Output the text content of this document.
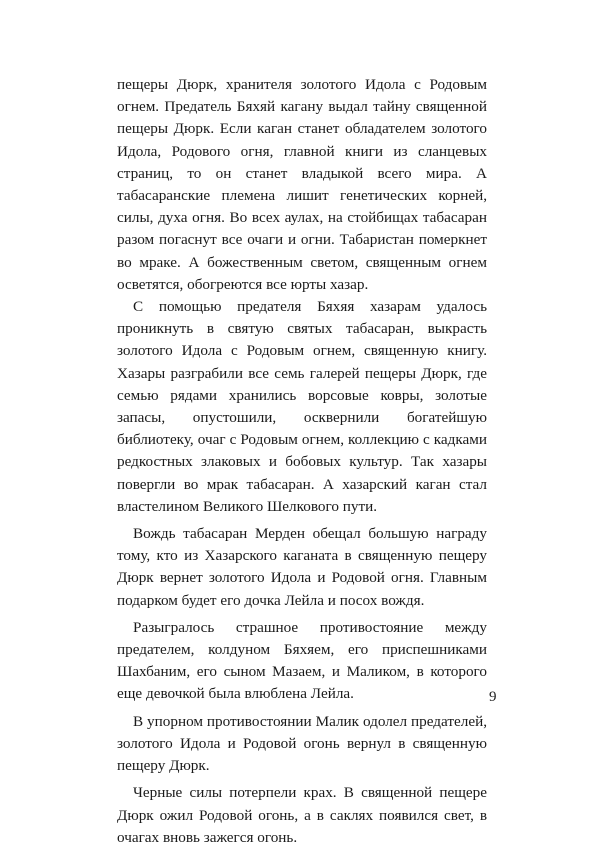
пещеры Дюрк, хранителя золотого Идола с Родовым огнем. Предатель Бяхяй кагану выдал тайну священной пещеры Дюрк. Если каган станет обладателем золотого Идола, Родового огня, главной книги из сланцевых страниц, то он станет владыкой всего мира. А табасаранские племена лишит генетических корней, силы, духа огня. Во всех аулах, на стойбищах табасаран разом погаснут все очаги и огни. Табаристан померкнет во мраке. А божественным светом, священным огнем осветятся, обогреются все юрты хазар.

С помощью предателя Бяхяя хазарам удалось проникнуть в святую святых табасаран, выкрасть золотого Идола с Родовым огнем, священную книгу. Хазары разграбили все семь галерей пещеры Дюрк, где семью рядами хранились ворсовые ковры, золотые запасы, опустошили, осквернили богатейшую библиотеку, очаг с Родовым огнем, коллекцию с кадками редкостных злаковых и бобовых культур. Так хазары повергли во мрак табасаран. А хазарский каган стал властелином Великого Шелкового пути.

Вождь табасаран Мерден обещал большую награду тому, кто из Хазарского каганата в священную пещеру Дюрк вернет золотого Идола и Родовой огня. Главным подарком будет его дочка Лейла и посох вождя.

Разыгралось страшное противостояние между предателем, колдуном Бяхяем, его приспешниками Шахбаним, его сыном Мазаем, и Маликом, в которого еще девочкой была влюблена Лейла.

В упорном противостоянии Малик одолел предателей, золотого Идола и Родовой огонь вернул в священную пещеру Дюрк.

Черные силы потерпели крах. В священной пещере Дюрк ожил Родовой огонь, а в саклях появился свет, в очагах вновь зажегся огонь.

9
